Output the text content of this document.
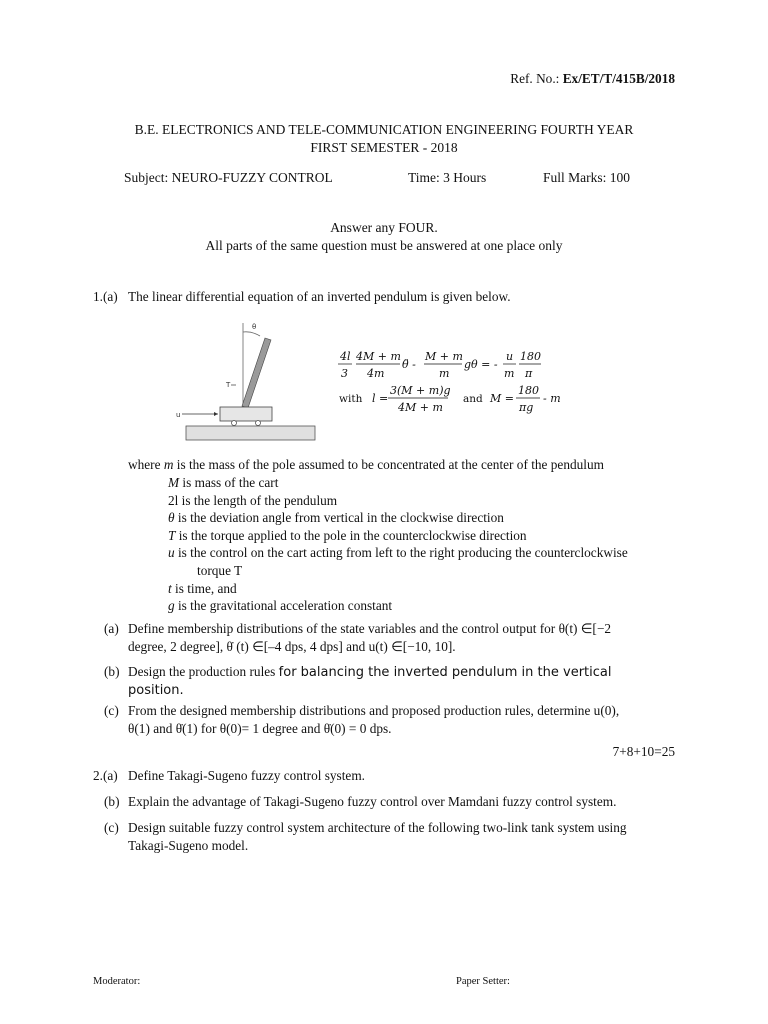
Ref. No.: Ex/ET/T/415B/2018
B.E. ELECTRONICS AND TELE-COMMUNICATION ENGINEERING FOURTH YEAR
FIRST SEMESTER - 2018
Subject: NEURO-FUZZY CONTROL	Time: 3 Hours	Full Marks: 100
Answer any FOUR.
All parts of the same question must be answered at one place only
1.(a) The linear differential equation of an inverted pendulum is given below.
θ
T
u
4l
3
4M + m
4m
θ̈ -
M + m
m
gθ = -
u
m
180
π
with l =
3(M + m)g
4M + m
and M =
180
πg
- m
where m is the mass of the pole assumed to be concentrated at the center of the pendulum
M is mass of the cart
2l is the length of the pendulum
θ is the deviation angle from vertical in the clockwise direction
T is the torque applied to the pole in the counterclockwise direction
u is the control on the cart acting from left to the right producing the counterclockwise
torque T
t is time, and
g is the gravitational acceleration constant
(a) Define membership distributions of the state variables and the control output for θ(t) ∈[−2
degree, 2 degree], θ̇ (t) ∈[–4 dps, 4 dps] and u(t) ∈[−10, 10].
(b) Design the production rules for balancing the inverted pendulum in the vertical
position.
(c) From the designed membership distributions and proposed production rules, determine u(0),
θ(1) and θ̇(1) for θ(0)= 1 degree and θ̇(0) = 0 dps.
7+8+10=25
2.(a) Define Takagi-Sugeno fuzzy control system.
(b) Explain the advantage of Takagi-Sugeno fuzzy control over Mamdani fuzzy control system.
(c) Design suitable fuzzy control system architecture of the following two-link tank system using
Takagi-Sugeno model.
Moderator:	Paper Setter:
